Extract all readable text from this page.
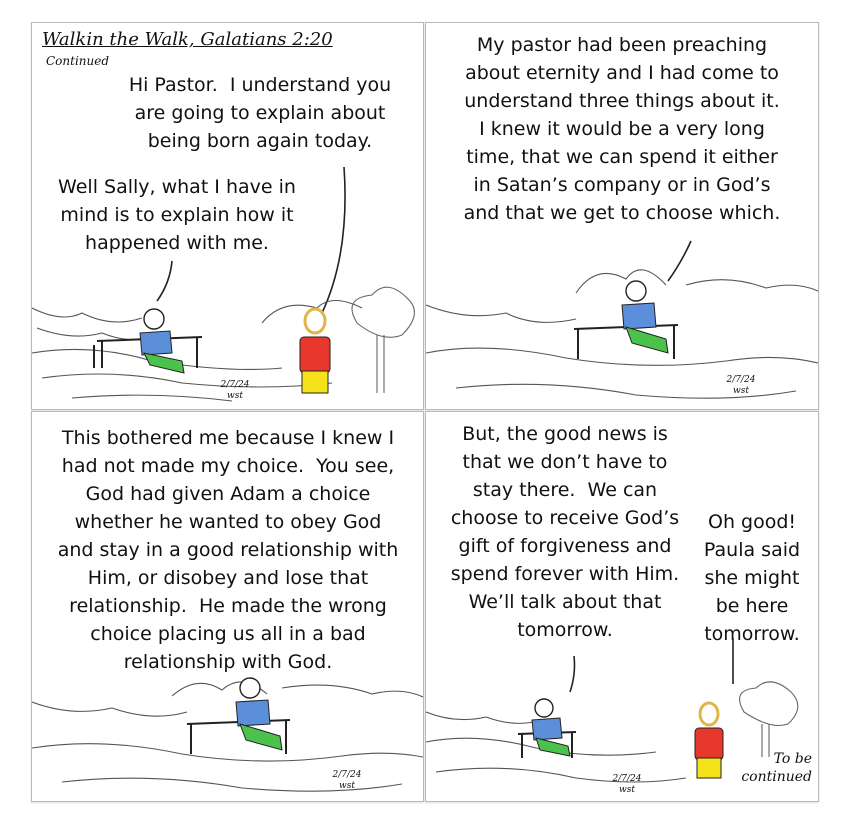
Walkin the Walk, Galatians 2:20
Continued
Hi Pastor.  I understand you
are going to explain about
being born again today.
Well Sally, what I have in
mind is to explain how it
happened with me.
2/7/24
wst
My pastor had been preaching
about eternity and I had come to
understand three things about it.
I knew it would be a very long
time, that we can spend it either
in Satan’s company or in God’s
and that we get to choose which.
2/7/24
wst
This bothered me because I knew I
had not made my choice.  You see,
God had given Adam a choice
whether he wanted to obey God
and stay in a good relationship with
Him, or disobey and lose that
relationship.  He made the wrong
choice placing us all in a bad
relationship with God.
2/7/24
wst
But, the good news is
that we don’t have to
stay there.  We can
choose to receive God’s
gift of forgiveness and
spend forever with Him.
We’ll talk about that
tomorrow.
Oh good!
Paula said
she might
be here
tomorrow.
To be
continued
2/7/24
wst
